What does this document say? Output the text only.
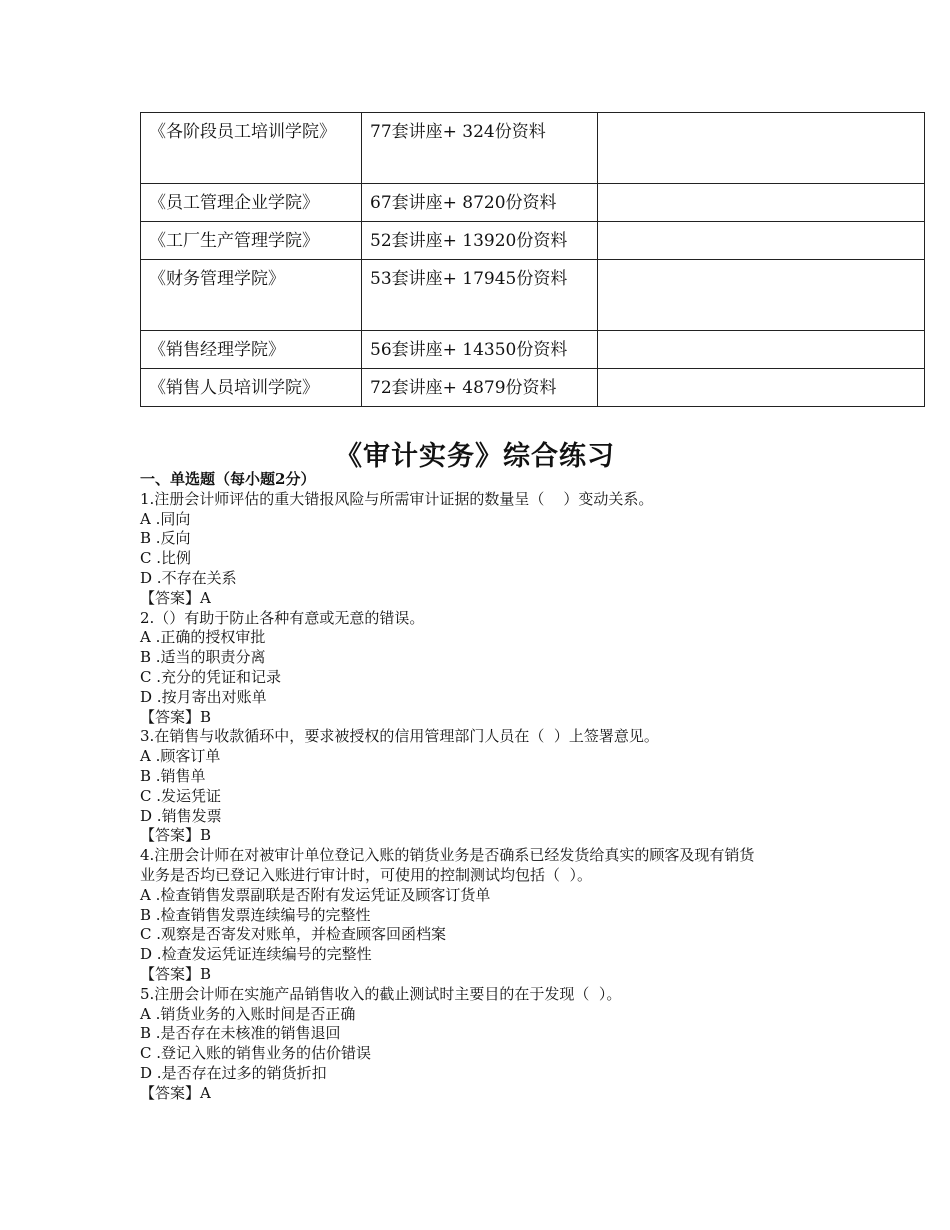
《各阶段员工培训学院》	77套讲座+ 324份资料	
《员工管理企业学院》	67套讲座+ 8720份资料	
《工厂生产管理学院》	52套讲座+ 13920份资料	
《财务管理学院》	53套讲座+ 17945份资料	
《销售经理学院》	56套讲座+ 14350份资料	
《销售人员培训学院》	72套讲座+ 4879份资料	
《审计实务》综合练习
一、单选题（每小题2分）
1.注册会计师评估的重大错报风险与所需审计证据的数量呈（    ）变动关系。
A .同向
B .反向
C .比例
D .不存在关系
【答案】A
2.（）有助于防止各种有意或无意的错误。
A .正确的授权审批
B .适当的职责分离
C .充分的凭证和记录
D .按月寄出对账单
【答案】B
3.在销售与收款循环中，要求被授权的信用管理部门人员在（  ）上签署意见。
A .顾客订单
B .销售单
C .发运凭证
D .销售发票
【答案】B
4.注册会计师在对被审计单位登记入账的销货业务是否确系已经发货给真实的顾客及现有销货
业务是否均已登记入账进行审计时，可使用的控制测试均包括（  ）。
A .检查销售发票副联是否附有发运凭证及顾客订货单
B .检查销售发票连续编号的完整性
C .观察是否寄发对账单，并检查顾客回函档案
D .检查发运凭证连续编号的完整性
【答案】B
5.注册会计师在实施产品销售收入的截止测试时主要目的在于发现（  ）。
A .销货业务的入账时间是否正确
B .是否存在未核准的销售退回
C .登记入账的销售业务的估价错误
D .是否存在过多的销货折扣
【答案】A
